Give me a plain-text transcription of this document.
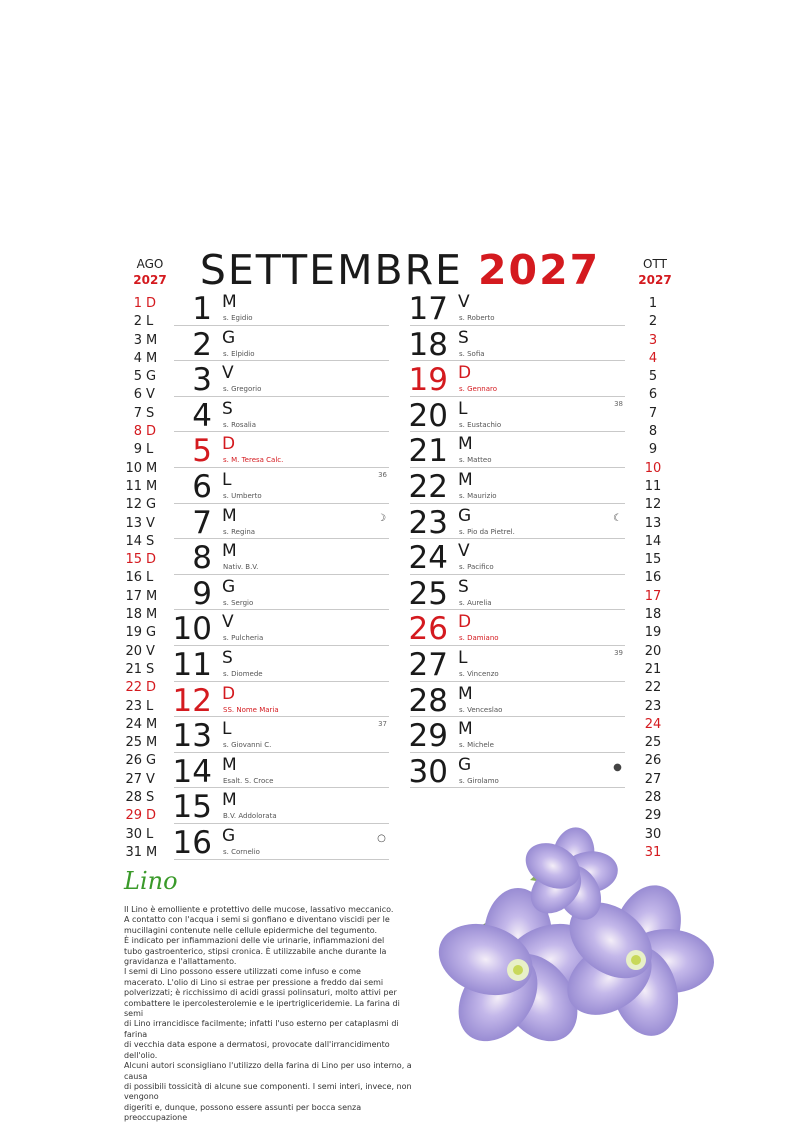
SETTEMBRE 2027
AGO
2027
1 D
2 L
3 M
4 M
5 G
6 V
7 S
8 D
9 L
10 M
11 M
12 G
13 V
14 S
15 D
16 L
17 M
18 M
19 G
20 V
21 S
22 D
23 L
24 M
25 M
26 G
27 V
28 S
29 D
30 L
31 M
OTT
2027
1
2
3
4
5
6
7
8
9
10
11
12
13
14
15
16
17
18
19
20
21
22
23
24
25
26
27
28
29
30
31
1 M
s. Egidio
2 G
s. Elpidio
3 V
s. Gregorio
4 S
s. Rosalia
5 D
s. M. Teresa Calc.
6 L
s. Umberto
36
7 M
s. Regina
☽
8 M
Nativ. B.V.
9 G
s. Sergio
10 V
s. Pulcheria
11 S
s. Diomede
12 D
SS. Nome Maria
13 L
s. Giovanni C.
37
14 M
Esalt. S. Croce
15 M
B.V. Addolorata
16 G
s. Cornelio
○
17 V
s. Roberto
18 S
s. Sofia
19 D
s. Gennaro
20 L
s. Eustachio
38
21 M
s. Matteo
22 M
s. Maurizio
23 G
s. Pio da Pietrel.
☾
24 V
s. Pacifico
25 S
s. Aurelia
26 D
s. Damiano
27 L
s. Vincenzo
39
28 M
s. Venceslao
29 M
s. Michele
30 G
s. Girolamo
●
Lino

Il Lino è emolliente e protettivo delle mucose, lassativo meccanico.

A contatto con l'acqua i semi si gonfiano e diventano viscidi per le

mucillagini contenute nelle cellule epidermiche del tegumento.

È indicato per infiammazioni delle vie urinarie, infiammazioni del

tubo gastroenterico, stipsi cronica. È utilizzabile anche durante la

gravidanza e l'allattamento.

I semi di Lino possono essere utilizzati come infuso e come

macerato. L'olio di Lino si estrae per pressione a freddo dai semi

polverizzati; è ricchissimo di acidi grassi polinsaturi, molto attivi per

combattere le ipercolesterolemie e le ipertrigliceridemie. La farina di semi

di Lino irrancidisce facilmente; infatti l'uso esterno per cataplasmi di farina

di vecchia data espone a dermatosi, provocate dall'irrancidimento dell'olio.

Alcuni autori sconsigliano l'utilizzo della farina di Lino per uso interno, a causa

di possibili tossicità di alcune sue componenti. I semi interi, invece, non vengono

digeriti e, dunque, possono essere assunti per bocca senza preoccupazione
